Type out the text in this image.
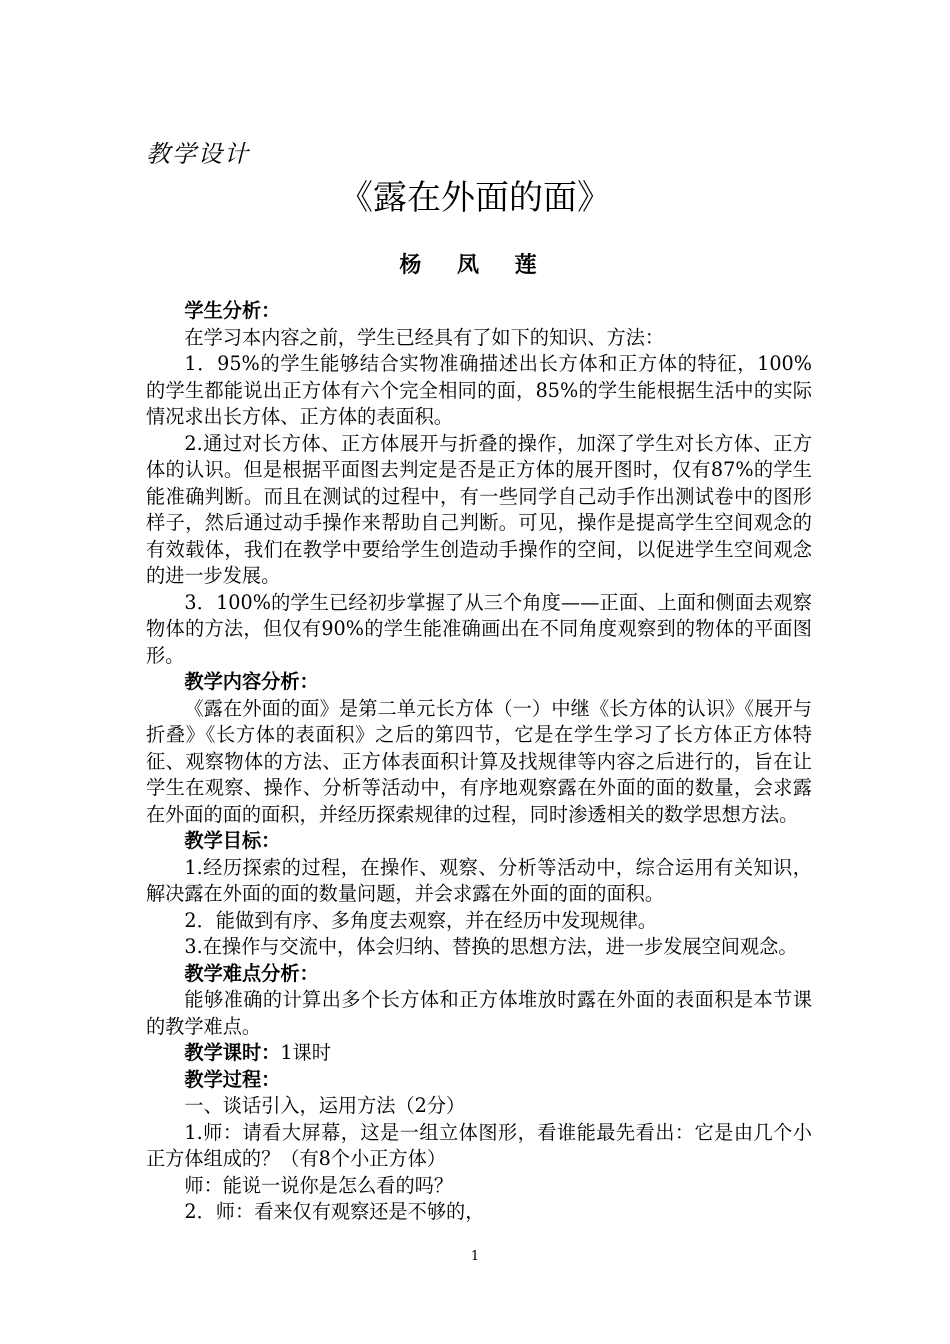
教学设计
《露在外面的面》
杨 凤 莲

学生分析：

在学习本内容之前，学生已经具有了如下的知识、方法：

1．95%的学生能够结合实物准确描述出长方体和正方体的特征，100%的学生都能说出正方体有六个完全相同的面，85%的学生能根据生活中的实际情况求出长方体、正方体的表面积。

2.通过对长方体、正方体展开与折叠的操作，加深了学生对长方体、正方体的认识。但是根据平面图去判定是否是正方体的展开图时，仅有87%的学生能准确判断。而且在测试的过程中，有一些同学自己动手作出测试卷中的图形样子，然后通过动手操作来帮助自己判断。可见，操作是提高学生空间观念的有效载体，我们在教学中要给学生创造动手操作的空间，以促进学生空间观念的进一步发展。

3．100%的学生已经初步掌握了从三个角度——正面、上面和侧面去观察物体的方法，但仅有90%的学生能准确画出在不同角度观察到的物体的平面图形。

教学内容分析：

《露在外面的面》是第二单元长方体（一）中继《长方体的认识》《展开与折叠》《长方体的表面积》之后的第四节，它是在学生学习了长方体正方体特征、观察物体的方法、正方体表面积计算及找规律等内容之后进行的，旨在让学生在观察、操作、分析等活动中，有序地观察露在外面的面的数量，会求露在外面的面的面积，并经历探索规律的过程，同时渗透相关的数学思想方法。

教学目标：

1.经历探索的过程，在操作、观察、分析等活动中，综合运用有关知识，解决露在外面的面的数量问题，并会求露在外面的面的面积。

2．能做到有序、多角度去观察，并在经历中发现规律。

3.在操作与交流中，体会归纳、替换的思想方法，进一步发展空间观念。

教学难点分析：

能够准确的计算出多个长方体和正方体堆放时露在外面的表面积是本节课的教学难点。

教学课时：1课时

教学过程：

一、谈话引入，运用方法（2分）

1.师：请看大屏幕，这是一组立体图形，看谁能最先看出：它是由几个小正方体组成的？（有8个小正方体）

师：能说一说你是怎么看的吗？

2．师：看来仅有观察还是不够的，

1
